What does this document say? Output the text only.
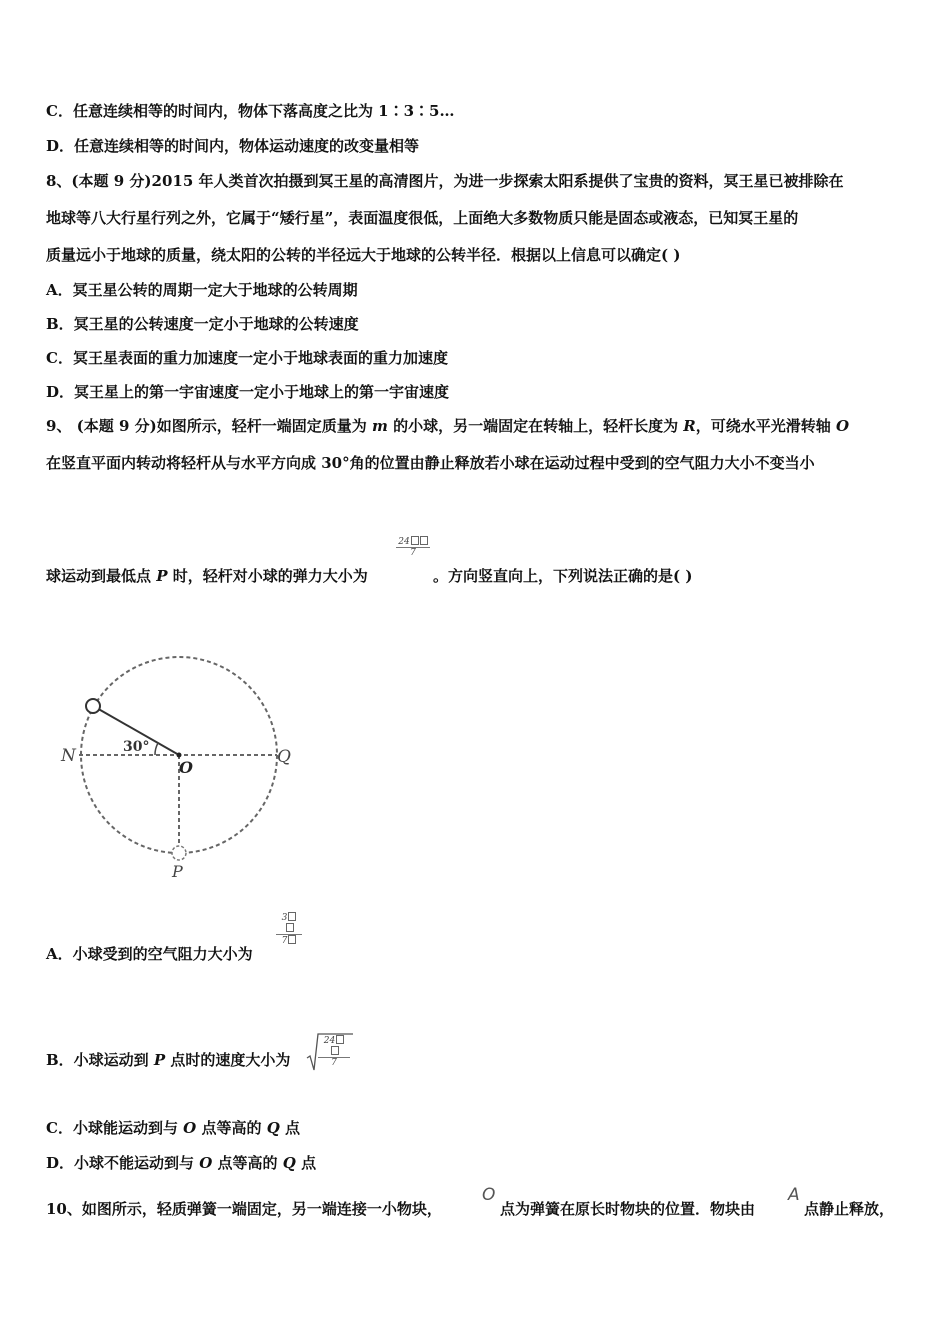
C．任意连续相等的时间内，物体下落高度之比为 1∶3∶5…
D．任意连续相等的时间内，物体运动速度的改变量相等
8、(本题 9 分)2015 年人类首次拍摄到冥王星的高清图片，为进一步探索太阳系提供了宝贵的资料，冥王星已被排除在
地球等八大行星行列之外，它属于“矮行星”，表面温度很低，上面绝大多数物质只能是固态或液态，已知冥王星的
质量远小于地球的质量，绕太阳的公转的半径远大于地球的公转半径．根据以上信息可以确定( )
A．冥王星公转的周期一定大于地球的公转周期
B．冥王星的公转速度一定小于地球的公转速度
C．冥王星表面的重力加速度一定小于地球表面的重力加速度
D．冥王星上的第一宇宙速度一定小于地球上的第一宇宙速度
9、 (本题 9 分)如图所示，轻杆一端固定质量为 m 的小球，另一端固定在转轴上，轻杆长度为 R，可绕水平光滑转轴 O
在竖直平面内转动将轻杆从与水平方向成 30°角的位置由静止释放若小球在运动过程中受到的空气阻力大小不变当小
$\frac{24}{7}$
球运动到最低点 P 时，轻杆对小球的弹力大小为	。方向竖直向上，下列说法正确的是( )
30°
N	Q
O
P
$\frac{3}{7}$
A．小球受到的空气阻力大小为
B．小球运动到 P 点时的速度大小为	$\frac{24}{7}$
C．小球能运动到与 O 点等高的 Q 点
D．小球不能运动到与 O 点等高的 Q 点
10、如图所示，轻质弹簧一端固定，另一端连接一小物块，
O
点为弹簧在原长时物块的位置．物块由
A
点静止释放，
